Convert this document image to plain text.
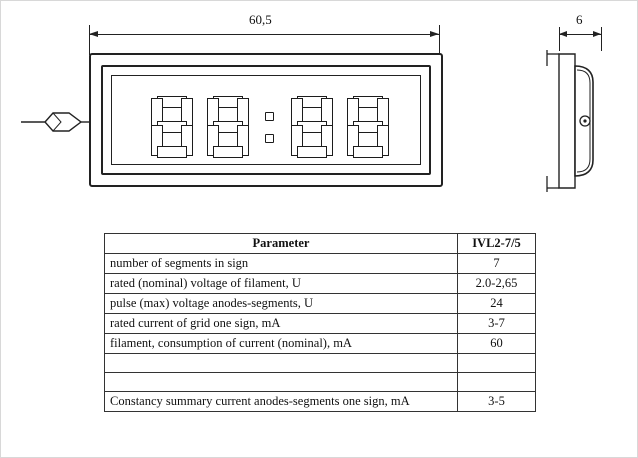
60,5	6
Parameter	IVL2-7/5
number of segments in sign	7
rated (nominal) voltage of filament, U	2.0-2,65
pulse (max) voltage anodes-segments, U	24
rated current of grid one sign, mA	3-7
filament, consumption of current (nominal), mA	60

Constancy summary current anodes-segments one sign, mA	3-5
